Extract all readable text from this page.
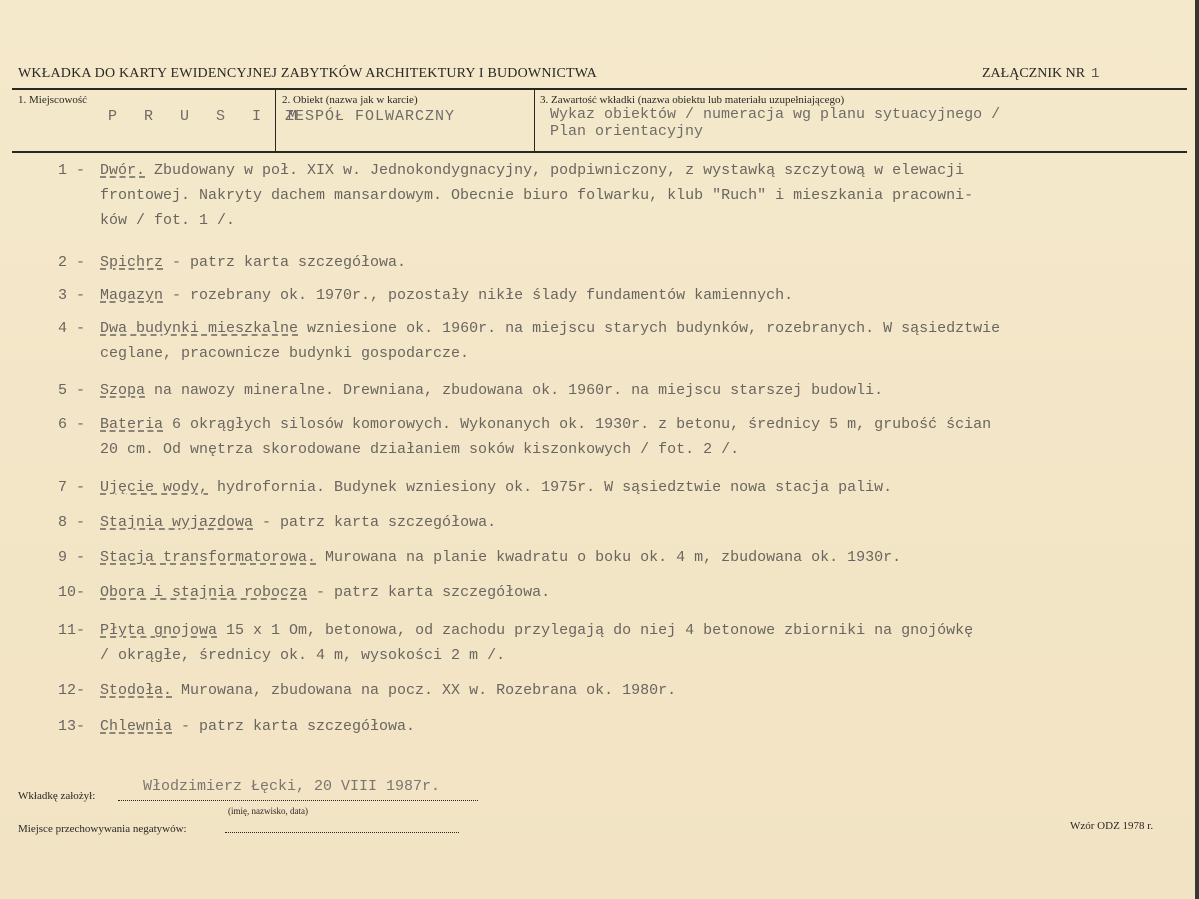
WKŁADKA DO KARTY EWIDENCYJNEJ ZABYTKÓW ARCHITEKTURY I BUDOWNICTWA	ZAŁĄCZNIK NR 1
1. Miejscowość
P R U S I M
2. Obiekt (nazwa jak w karcie)
ZESPÓŁ FOLWARCZNY
3. Zawartość wkładki (nazwa obiektu lub materiału uzupełniającego)
Wykaz obiektów / numeracja wg planu sytuacyjnego /
Plan orientacyjny
1 - Dwór. Zbudowany w poł. XIX w. Jednokondygnacyjny, podpiwniczony, z wystawką szczytową w elewacji
frontowej. Nakryty dachem mansardowym. Obecnie biuro folwarku, klub "Ruch" i mieszkania pracowni-
ków / fot. 1 /.
2 - Spichrz - patrz karta szczegółowa.
3 - Magazyn - rozebrany ok. 1970r., pozostały nikłe ślady fundamentów kamiennych.
4 - Dwa budynki mieszkalne wzniesione ok. 1960r. na miejscu starych budynków, rozebranych. W sąsiedztwie
ceglane, pracownicze budynki gospodarcze.
5 - Szopa na nawozy mineralne. Drewniana, zbudowana ok. 1960r. na miejscu starszej budowli.
6 - Bateria 6 okrągłych silosów komorowych. Wykonanych ok. 1930r. z betonu, średnicy 5 m, grubość ścian
20 cm. Od wnętrza skorodowane działaniem soków kiszonkowych / fot. 2 /.
7 - Ujęcie wody, hydrofornia. Budynek wzniesiony ok. 1975r. W sąsiedztwie nowa stacja paliw.
8 - Stajnia wyjazdowa - patrz karta szczegółowa.
9 - Stacja transformatorowa. Murowana na planie kwadratu o boku ok. 4 m, zbudowana ok. 1930r.
10- Obora i stajnia robocza - patrz karta szczegółowa.
11- Płyta gnojowa 15 x 1 Om, betonowa, od zachodu przylegają do niej 4 betonowe zbiorniki na gnojówkę
/ okrągłe, średnicy ok. 4 m, wysokości 2 m /.
12- Stodoła. Murowana, zbudowana na pocz. XX w. Rozebrana ok. 1980r.
13- Chlewnia - patrz karta szczegółowa.
Wkładkę założył:
Włodzimierz Łęcki, 20 VIII 1987r.
(imię, nazwisko, data)
Miejsce przechowywania negatywów:	Wzór ODZ 1978 r.
